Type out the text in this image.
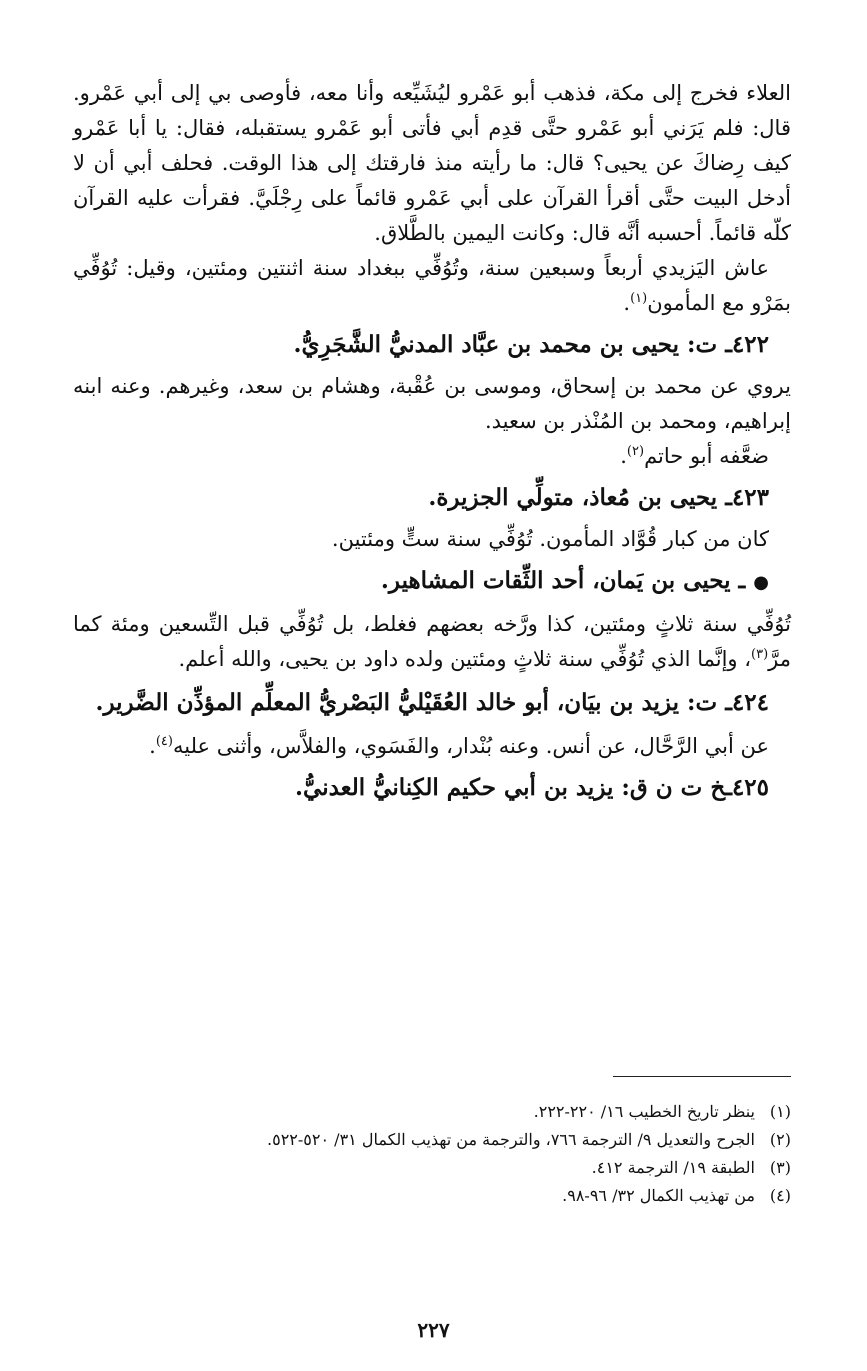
العلاء فخرج إلى مكة، فذهب أبو عَمْرو ليُشَيِّعه وأنا معه، فأوصى بي إلى أبي عَمْرو. قال: فلم يَرَني أبو عَمْرو حتَّى قدِم أبي فأتى أبو عَمْرو يستقبله، فقال: يا أبا عَمْرو كيف رِضاكَ عن يحيى؟ قال: ما رأيته منذ فارقتك إلى هذا الوقت. فحلف أبي أن لا أدخل البيت حتَّى أقرأ القرآن على أبي عَمْرو قائماً على رِجْلَيَّ. فقرأت عليه القرآن كلّه قائماً. أحسبه أنَّه قال: وكانت اليمين بالطَّلاق.

عاش اليَزيدي أربعاً وسبعين سنة، وتُوُفِّي ببغداد سنة اثنتين ومئتين، وقيل: تُوُفِّي بمَرْو مع المأمون$^{(١)}$.

٤٢٢ـ ت: يحيى بن محمد بن عبَّاد المدنيُّ الشَّجَرِيُّ.

يروي عن محمد بن إسحاق، وموسى بن عُقْبة، وهشام بن سعد، وغيرهم. وعنه ابنه إبراهيم، ومحمد بن المُنْذر بن سعيد.

ضعَّفه أبو حاتم$^{(٢)}$.

٤٢٣ـ يحيى بن مُعاذ، متولِّي الجزيرة.

كان من كبار قُوَّاد المأمون. تُوُفِّي سنة ستٍّ ومئتين.

● ـ يحيى بن يَمان، أحد الثِّقات المشاهير.

تُوُفِّي سنة ثلاثٍ ومئتين، كذا ورَّخه بعضهم فغلط، بل تُوُفِّي قبل التِّسعين ومئة كما مرَّ$^{(٣)}$، وإنَّما الذي تُوُفِّي سنة ثلاثٍ ومئتين ولده داود بن يحيى، والله أعلم.

٤٢٤ـ ت: يزيد بن بيَان، أبو خالد العُقَيْليُّ البَصْريُّ المعلِّم المؤذِّن الضَّرير.

عن أبي الرَّحَّال، عن أنس. وعنه بُنْدار، والفَسَوي، والفلاَّس، وأثنى عليه$^{(٤)}$.

٤٢٥ـخ ت ن ق: يزيد بن أبي حكيم الكِنانيُّ العدنيُّ.
(١)
ينظر تاريخ الخطيب ١٦/ ٢٢٠-٢٢٢.
(٢)
الجرح والتعديل ٩/ الترجمة ٧٦٦، والترجمة من تهذيب الكمال ٣١/ ٥٢٠-٥٢٢.
(٣)
الطبقة ١٩/ الترجمة ٤١٢.
(٤)
من تهذيب الكمال ٣٢/ ٩٦-٩٨.
٢٢٧
